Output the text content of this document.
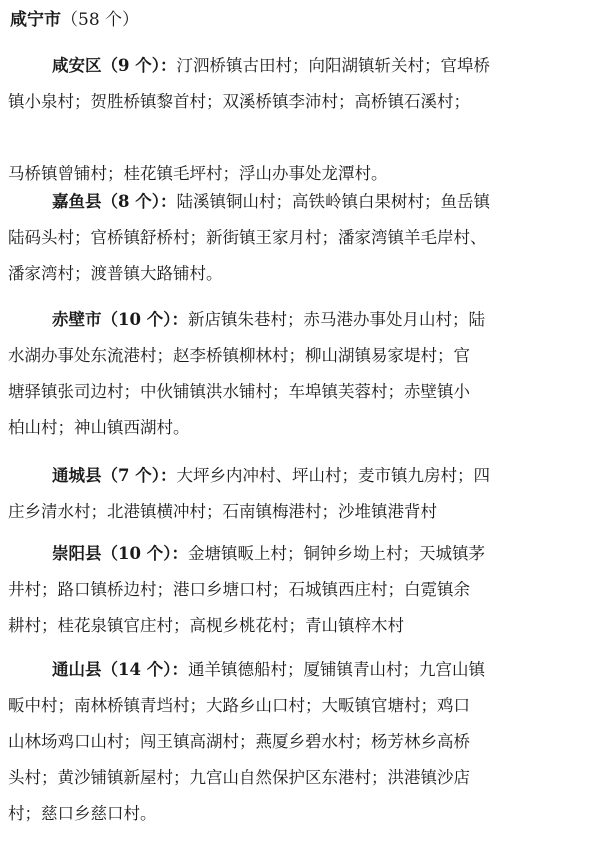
咸宁市（58 个）
咸安区（9 个）：汀泗桥镇古田村；向阳湖镇斩关村；官埠桥
镇小泉村；贺胜桥镇黎首村；双溪桥镇李沛村；高桥镇石溪村；
马桥镇曾铺村；桂花镇毛坪村；浮山办事处龙潭村。
嘉鱼县（8 个）：陆溪镇铜山村；高铁岭镇白果树村；鱼岳镇
陆码头村；官桥镇舒桥村；新街镇王家月村；潘家湾镇羊毛岸村、
潘家湾村；渡普镇大路铺村。
赤壁市（10 个）：新店镇朱巷村；赤马港办事处月山村；陆
水湖办事处东流港村；赵李桥镇柳林村；柳山湖镇易家堤村；官
塘驿镇张司边村；中伙铺镇洪水铺村；车埠镇芙蓉村；赤壁镇小
柏山村；神山镇西湖村。
通城县（7 个）：大坪乡内冲村、坪山村；麦市镇九房村；四
庄乡清水村；北港镇横冲村；石南镇梅港村；沙堆镇港背村
崇阳县（10 个）：金塘镇畈上村；铜钟乡坳上村；天城镇茅
井村；路口镇桥边村；港口乡塘口村；石城镇西庄村；白霓镇余
耕村；桂花泉镇官庄村；高枧乡桃花村；青山镇梓木村
通山县（14 个）：通羊镇德船村；厦铺镇青山村；九宫山镇
畈中村；南林桥镇青垱村；大路乡山口村；大畈镇官塘村；鸡口
山林场鸡口山村；闯王镇高湖村；燕厦乡碧水村；杨芳林乡高桥
头村；黄沙铺镇新屋村；九宫山自然保护区东港村；洪港镇沙店
村；慈口乡慈口村。
